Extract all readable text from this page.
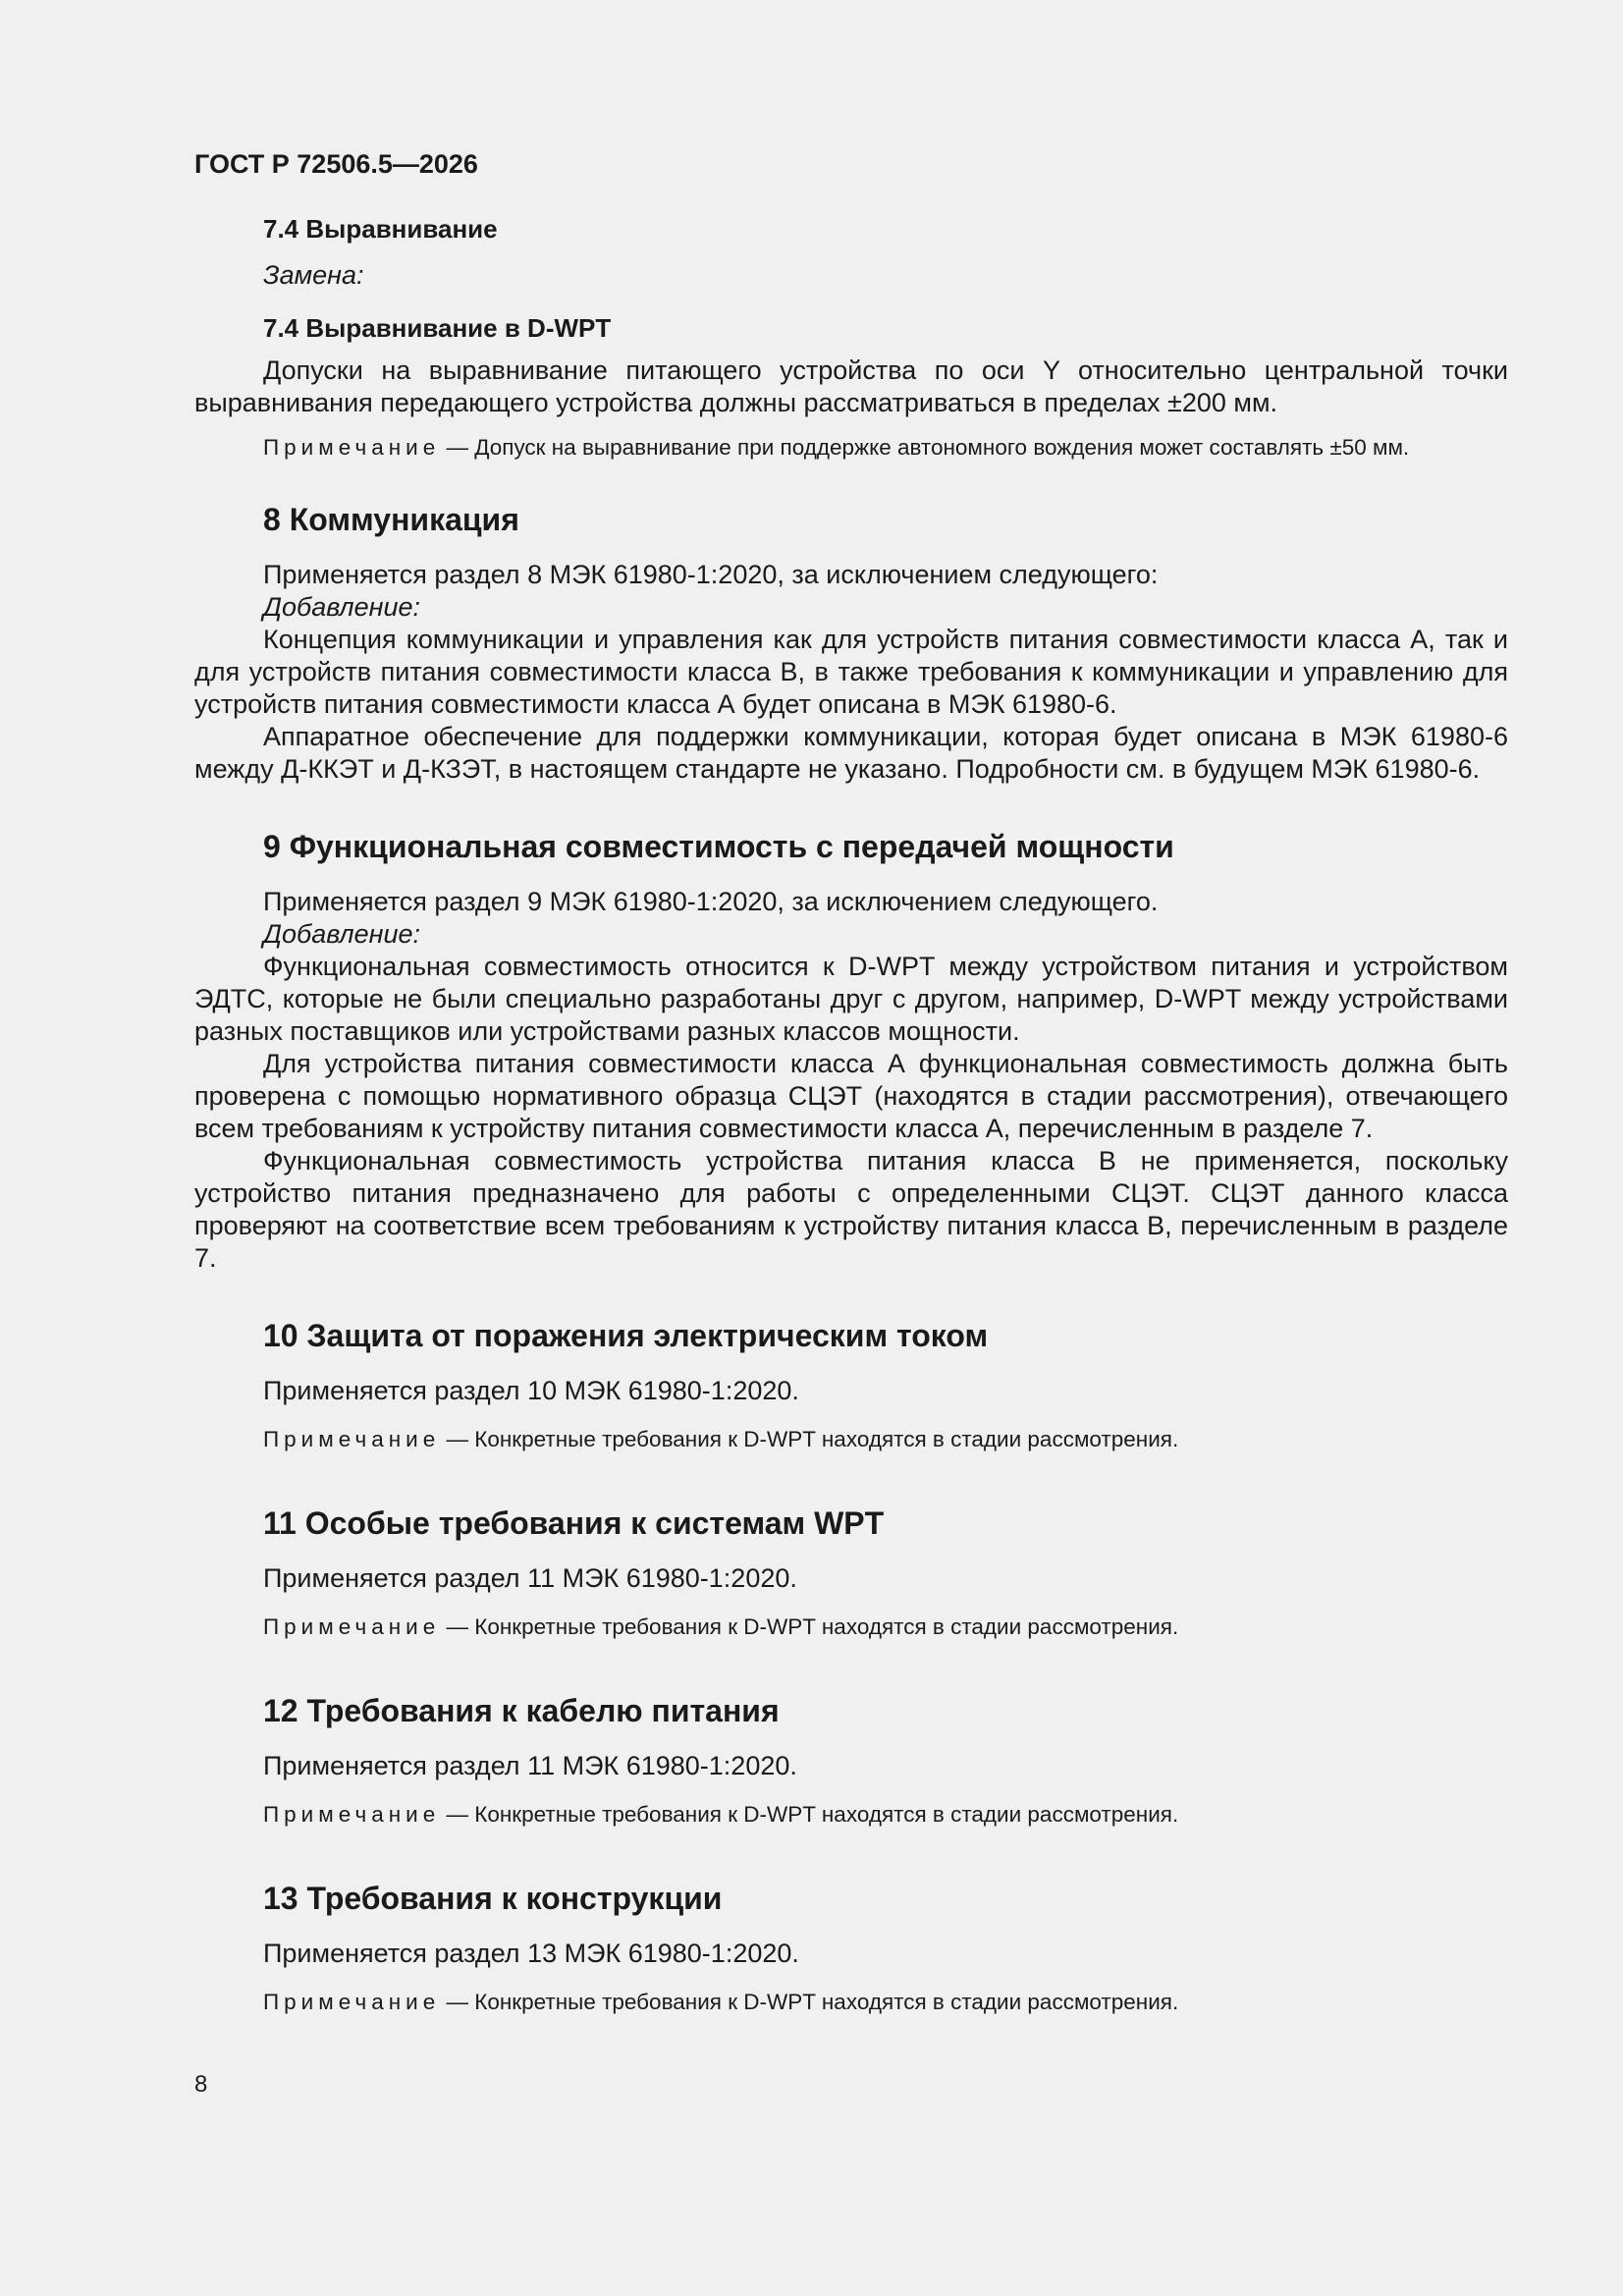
ГОСТ Р 72506.5—2026
7.4 Выравнивание
Замена:
7.4 Выравнивание в D-WPT

Допуски на выравнивание питающего устройства по оси Y относительно центральной точки выравнивания передающего устройства должны рассматриваться в пределах ±200 мм.

Примечание — Допуск на выравнивание при поддержке автономного вождения может составлять ±50 мм.

8 Коммуникация

Применяется раздел 8 МЭК 61980-1:2020, за исключением следующего:

Добавление:

Концепция коммуникации и управления как для устройств питания совместимости класса А, так и для устройств питания совместимости класса В, в также требования к коммуникации и управлению для устройств питания совместимости класса А будет описана в МЭК 61980-6.

Аппаратное обеспечение для поддержки коммуникации, которая будет описана в МЭК 61980-6 между Д-ККЭТ и Д-КЗЭТ, в настоящем стандарте не указано. Подробности см. в будущем МЭК 61980-6.

9 Функциональная совместимость с передачей мощности

Применяется раздел 9 МЭК 61980-1:2020, за исключением следующего.

Добавление:

Функциональная совместимость относится к D-WPT между устройством питания и устройством ЭДТС, которые не были специально разработаны друг с другом, например, D-WPT между устройствами разных поставщиков или устройствами разных классов мощности.

Для устройства питания совместимости класса А функциональная совместимость должна быть проверена с помощью нормативного образца СЦЭТ (находятся в стадии рассмотрения), отвечающего всем требованиям к устройству питания совместимости класса А, перечисленным в разделе 7.

Функциональная совместимость устройства питания класса В не применяется, поскольку устройство питания предназначено для работы с определенными СЦЭТ. СЦЭТ данного класса проверяют на соответствие всем требованиям к устройству питания класса В, перечисленным в разделе 7.

10 Защита от поражения электрическим током

Применяется раздел 10 МЭК 61980-1:2020.

Примечание — Конкретные требования к D-WPT находятся в стадии рассмотрения.

11 Особые требования к системам WPT

Применяется раздел 11 МЭК 61980-1:2020.

Примечание — Конкретные требования к D-WPT находятся в стадии рассмотрения.

12 Требования к кабелю питания

Применяется раздел 11 МЭК 61980-1:2020.

Примечание — Конкретные требования к D-WPT находятся в стадии рассмотрения.

13 Требования к конструкции

Применяется раздел 13 МЭК 61980-1:2020.

Примечание — Конкретные требования к D-WPT находятся в стадии рассмотрения.

8
